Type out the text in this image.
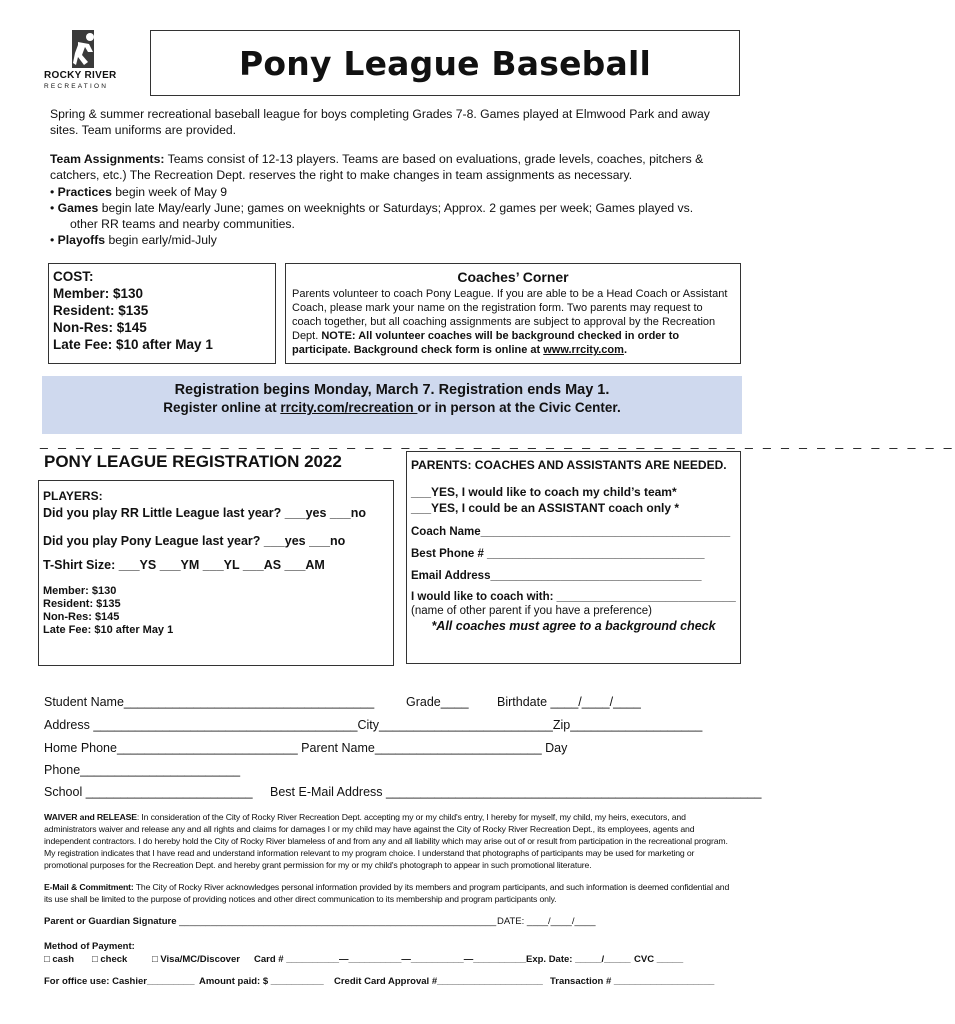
ROCKY RIVER
RECREATION
Pony League Baseball
Spring & summer recreational baseball league for boys completing Grades 7-8. Games played at Elmwood Park and away sites. Team uniforms are provided.
Team Assignments: Teams consist of 12-13 players. Teams are based on evaluations, grade levels, coaches, pitchers & catchers, etc.) The Recreation Dept. reserves the right to make changes in team assignments as necessary.
• Practices begin week of May 9
• Games begin late May/early June; games on weeknights or Saturdays; Approx. 2 games per week; Games played vs.
other RR teams and nearby communities.
• Playoffs begin early/mid-July
COST:
Member: $130
Resident: $135
Non-Res: $145
Late Fee: $10 after May 1
Coaches’ Corner
Parents volunteer to coach Pony League. If you are able to be a Head Coach or Assistant Coach, please mark your name on the registration form. Two parents may request to coach together, but all coaching assignments are subject to approval by the Recreation Dept. NOTE: All volunteer coaches will be background checked in order to participate. Background check form is online at www.rrcity.com.
Registration begins Monday, March 7. Registration ends May 1.
Register online at rrcity.com/recreation or in person at the Civic Center.
_ _ _ _ _ _ _ _ _ _ _ _ _ _ _ _ _ _ _ _ _ _ _ _ _ _ _ _ _ _ _ _ _ _ _ _ _ _ _ _ _ _ _ _ _ _ _ _ _ _ _
PONY LEAGUE REGISTRATION 2022
PLAYERS:
Did you play RR Little League last year? ___yes ___no
Did you play Pony League last year? ___yes ___no
T-Shirt Size: ___YS ___YM ___YL ___AS ___AM
Member: $130
Resident: $135
Non-Res: $145
Late Fee: $10 after May 1
PARENTS: COACHES AND ASSISTANTS ARE NEEDED.
___YES, I would like to coach my child’s team*
___YES, I could be an ASSISTANT coach only *
Coach Name_______________________________________
Best Phone # __________________________________
Email Address_________________________________
I would like to coach with: ____________________________
(name of other parent if you have a preference)
*All coaches must agree to a background check
Student Name____________________________________	Grade____ Birthdate ____/____/____
Address ______________________________________City_________________________Zip___________________
Home Phone__________________________ Parent Name________________________ Day
Phone_______________________
School ________________________ Best E-Mail Address ______________________________________________________
WAIVER and RELEASE: In consideration of the City of Rocky River Recreation Dept. accepting my or my child's entry, I hereby for myself, my child, my heirs, executors, and administrators waiver and release any and all rights and claims for damages I or my child may have against the City of Rocky River Recreation Dept., its employees, agents and independent contractors. I do hereby hold the City of Rocky River blameless of and from any and all liability which may arise out of or result from participation in the recreational program. My registration indicates that I have read and understand information relevant to my program choice. I understand that photographs of participants may be used for marketing or promotional purposes for the Recreation Dept. and hereby grant permission for my or my child's photograph to appear in such promotional literature.
E-Mail & Commitment: The City of Rocky River acknowledges personal information provided by its members and program participants, and such information is deemed confidential and its use shall be limited to the purpose of providing notices and other direct communication to its membership and program participants only.
Parent or Guardian Signature ____________________________________________________________ DATE: ____/____/____
Method of Payment:
□ cash □ check	□ Visa/MC/Discover Card # __________—__________—__________—__________ Exp. Date: _____/_____ CVC _____
For office use: Cashier_________ Amount paid: $ __________ Credit Card Approval #____________________ Transaction # ___________________
